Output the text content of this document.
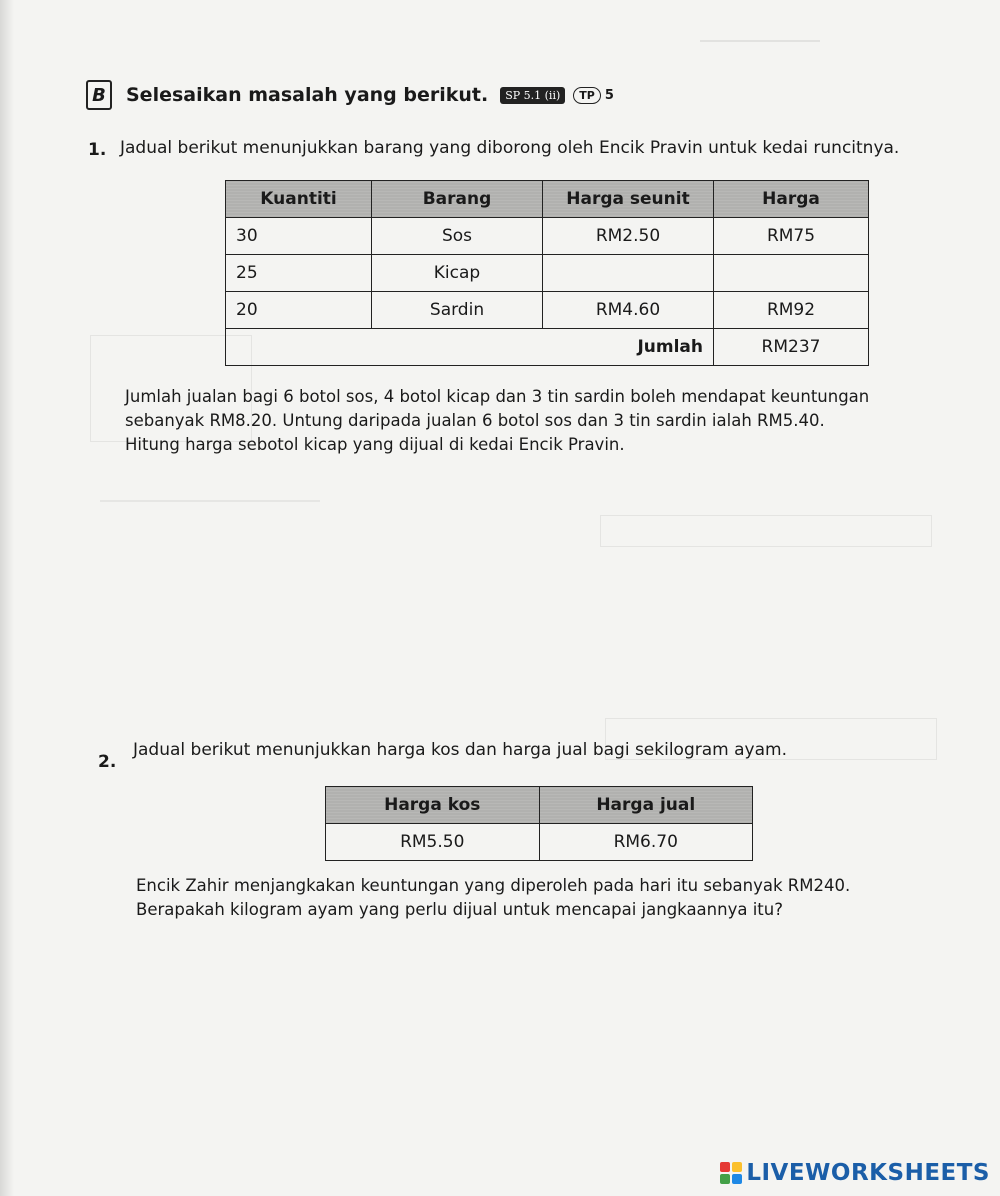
B	Selesaikan masalah yang berikut.	SP 5.1 (ii)	TP 5
1. Jadual berikut menunjukkan barang yang diborong oleh Encik Pravin untuk kedai runcitnya.
Kuantiti	Barang	Harga seunit	Harga
30	Sos	RM2.50	RM75
25	Kicap		
20	Sardin	RM4.60	RM92
Jumlah			RM237
Jumlah jualan bagi 6 botol sos, 4 botol kicap dan 3 tin sardin boleh mendapat keuntungan
sebanyak RM8.20. Untung daripada jualan 6 botol sos dan 3 tin sardin ialah RM5.40.
Hitung harga sebotol kicap yang dijual di kedai Encik Pravin.
2.
Jadual berikut menunjukkan harga kos dan harga jual bagi sekilogram ayam.
Harga kos	Harga jual
RM5.50	RM6.70
Encik Zahir menjangkakan keuntungan yang diperoleh pada hari itu sebanyak RM240.
Berapakah kilogram ayam yang perlu dijual untuk mencapai jangkaannya itu?
LIVEWORKSHEETS
